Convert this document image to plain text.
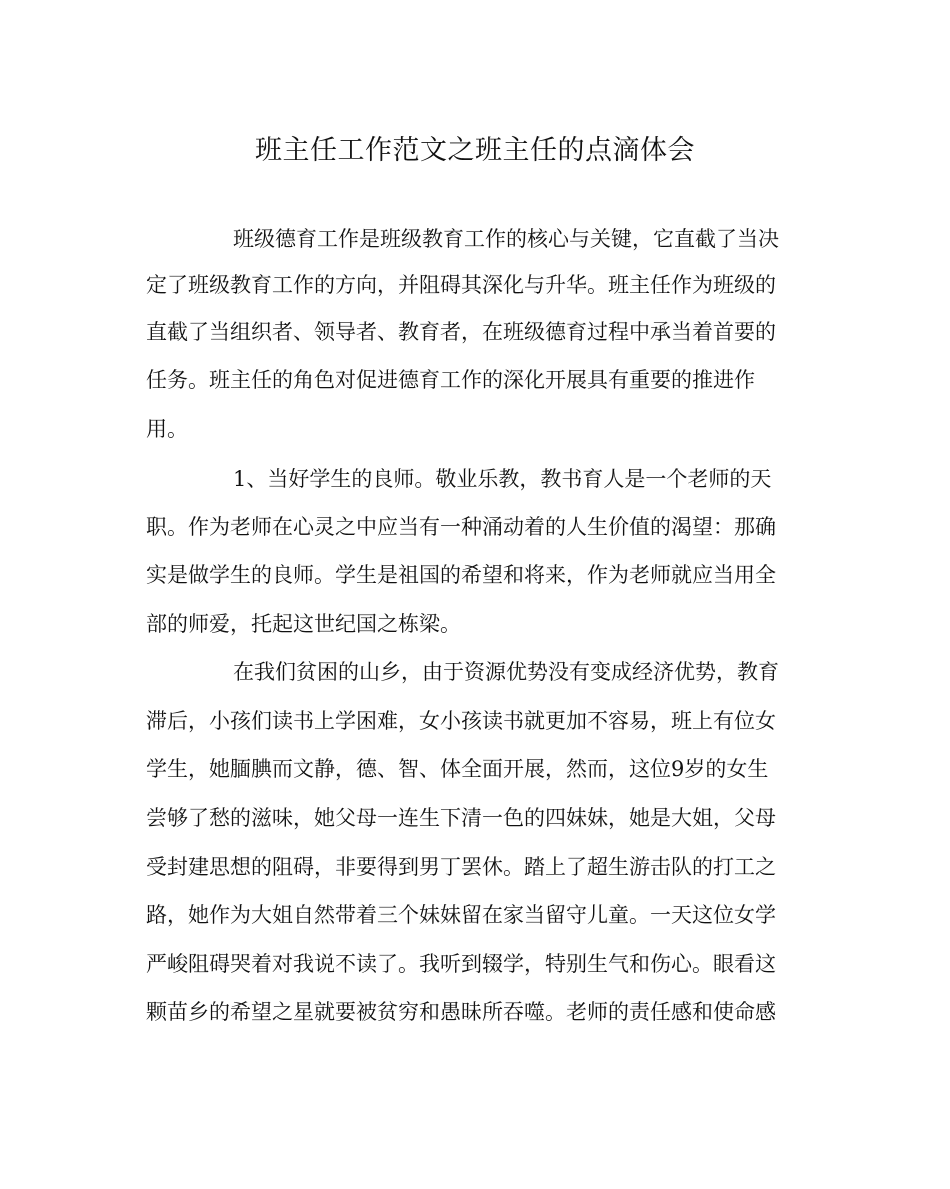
班主任工作范文之班主任的点滴体会
班级德育工作是班级教育工作的核心与关键，它直截了当决
定了班级教育工作的方向，并阻碍其深化与升华。班主任作为班级的
直截了当组织者、领导者、教育者，在班级德育过程中承当着首要的
任务。班主任的角色对促进德育工作的深化开展具有重要的推进作
用。
1、当好学生的良师。敬业乐教，教书育人是一个老师的天
职。作为老师在心灵之中应当有一种涌动着的人生价值的渴望：那确
实是做学生的良师。学生是祖国的希望和将来，作为老师就应当用全
部的师爱，托起这世纪国之栋梁。
在我们贫困的山乡，由于资源优势没有变成经济优势，教育
滞后，小孩们读书上学困难，女小孩读书就更加不容易，班上有位女
学生，她腼腆而文静，德、智、体全面开展，然而，这位9岁的女生
尝够了愁的滋味，她父母一连生下清一色的四妹妹，她是大姐，父母
受封建思想的阻碍，非要得到男丁罢休。踏上了超生游击队的打工之
路，她作为大姐自然带着三个妹妹留在家当留守儿童。一天这位女学
严峻阻碍哭着对我说不读了。我听到辍学，特别生气和伤心。眼看这
颗苗乡的希望之星就要被贫穷和愚昧所吞噬。老师的责任感和使命感
